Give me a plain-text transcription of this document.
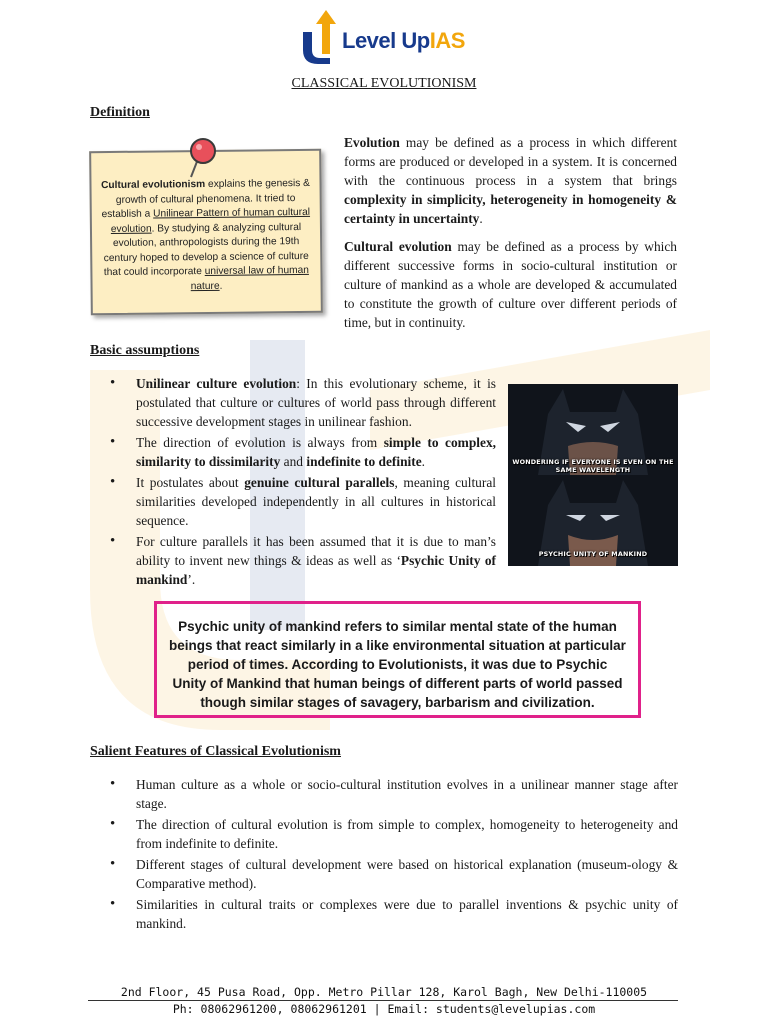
Level UpIAS
CLASSICAL EVOLUTIONISM
Definition
Cultural evolutionism explains the genesis & growth of cultural phenomena. It tried to establish a Unilinear Pattern of human cultural evolution. By studying & analyzing cultural evolution, anthropologists during the 19th century hoped to develop a science of culture that could incorporate universal law of human nature.

Evolution may be defined as a process in which different forms are produced or developed in a system. It is concerned with the continuous process in a system that brings complexity in simplicity, heterogeneity in homogeneity & certainty in uncertainty.

Cultural evolution may be defined as a process by which different successive forms in socio-cultural institution or culture of mankind as a whole are developed & accumulated to constitute the growth of culture over different periods of time, but in continuity.

Basic assumptions
• Unilinear culture evolution: In this evolutionary scheme, it is postulated that culture or cultures of world pass through different successive development stages in unilinear fashion.
• The direction of evolution is always from simple to complex, similarity to dissimilarity and indefinite to definite.
• It postulates about genuine cultural parallels, meaning cultural similarities developed independently in all cultures in historical sequence.
• For culture parallels it has been assumed that it is due to man’s ability to invent new things & ideas as well as ‘Psychic Unity of mankind’.
WONDERING IF EVERYONE IS EVEN ON THE SAME WAVELENGTH
PSYCHIC UNITY OF MANKIND
Psychic unity of mankind refers to similar mental state of the human beings that react similarly in a like environmental situation at particular period of times. According to Evolutionists, it was due to Psychic Unity of Mankind that human beings of different parts of world passed though similar stages of savagery, barbarism and civilization.
Salient Features of Classical Evolutionism
• Human culture as a whole or socio-cultural institution evolves in a unilinear manner stage after stage.
• The direction of cultural evolution is from simple to complex, homogeneity to heterogeneity and from indefinite to definite.
• Different stages of cultural development were based on historical explanation (museum-ology & Comparative method).
• Similarities in cultural traits or complexes were due to parallel inventions & psychic unity of mankind.
2nd Floor, 45 Pusa Road, Opp. Metro Pillar 128, Karol Bagh, New Delhi-110005
Ph: 08062961200, 08062961201 | Email: students@levelupias.com
